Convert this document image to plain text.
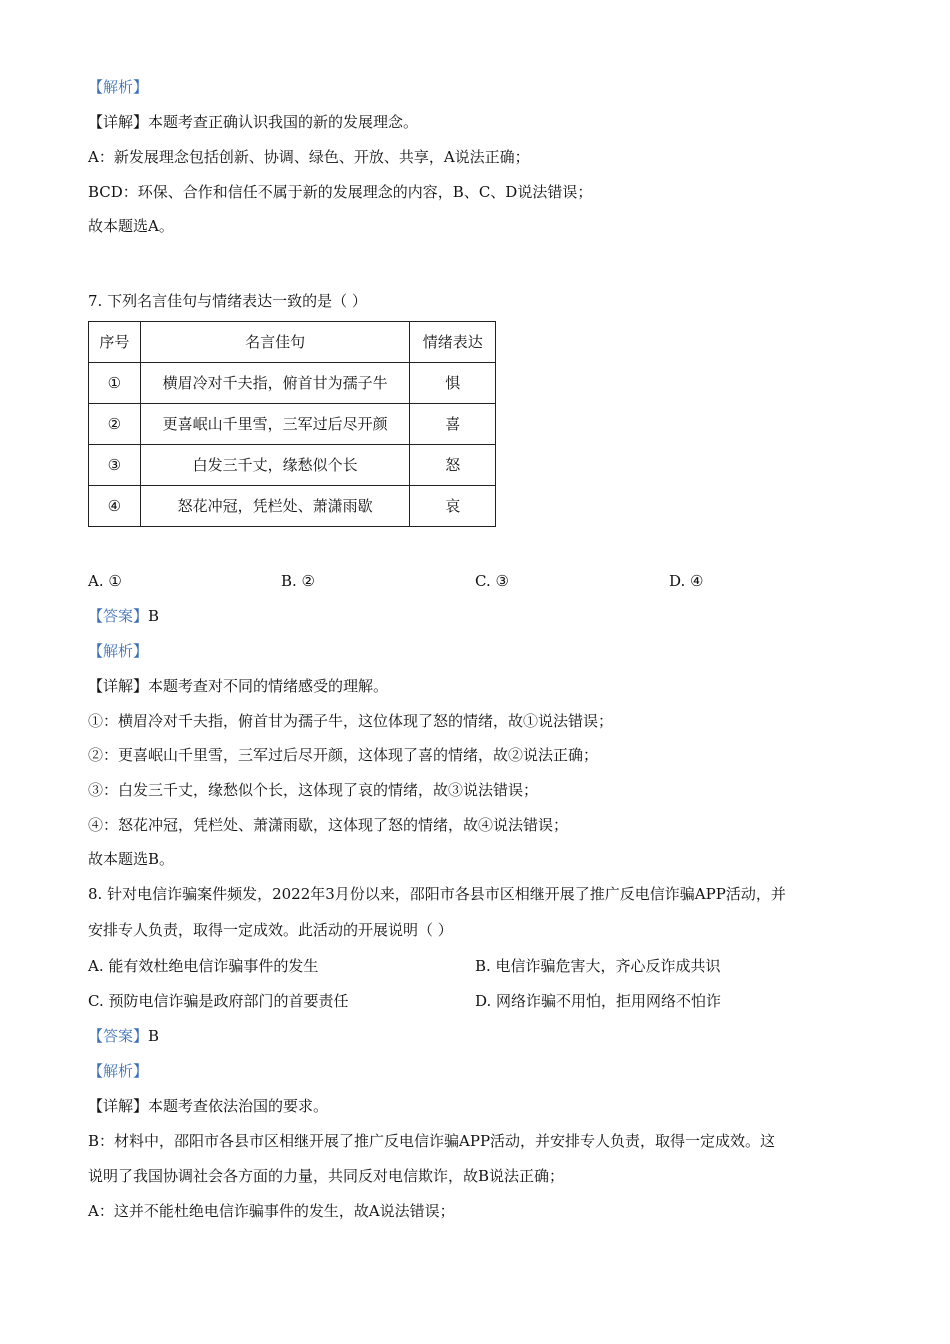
【解析】
【详解】本题考查正确认识我国的新的发展理念。
A：新发展理念包括创新、协调、绿色、开放、共享，A说法正确；
BCD：环保、合作和信任不属于新的发展理念的内容，B、C、D说法错误；
故本题选A。
7. 下列名言佳句与情绪表达一致的是（ ）
序号	名言佳句	情绪表达
①	横眉冷对千夫指，俯首甘为孺子牛	惧
②	更喜岷山千里雪，三军过后尽开颜	喜
③	白发三千丈，缘愁似个长	怒
④	怒花冲冠，凭栏处、萧潇雨歇	哀
A. ①	B. ②	C. ③	D. ④
【答案】B
【解析】
【详解】本题考查对不同的情绪感受的理解。
①：横眉冷对千夫指，俯首甘为孺子牛，这位体现了怒的情绪，故①说法错误；
②：更喜岷山千里雪，三军过后尽开颜，这体现了喜的情绪，故②说法正确；
③：白发三千丈，缘愁似个长，这体现了哀的情绪，故③说法错误；
④：怒花冲冠，凭栏处、萧潇雨歇，这体现了怒的情绪，故④说法错误；
故本题选B。
8. 针对电信诈骗案件频发，2022年3月份以来，邵阳市各县市区相继开展了推广反电信诈骗APP活动，并
安排专人负责，取得一定成效。此活动的开展说明（ ）
A. 能有效杜绝电信诈骗事件的发生	B. 电信诈骗危害大，齐心反诈成共识
C. 预防电信诈骗是政府部门的首要责任	D. 网络诈骗不用怕，拒用网络不怕诈
【答案】B
【解析】
【详解】本题考查依法治国的要求。
B：材料中，邵阳市各县市区相继开展了推广反电信诈骗APP活动，并安排专人负责，取得一定成效。这
说明了我国协调社会各方面的力量，共同反对电信欺诈，故B说法正确；
A：这并不能杜绝电信诈骗事件的发生，故A说法错误；
